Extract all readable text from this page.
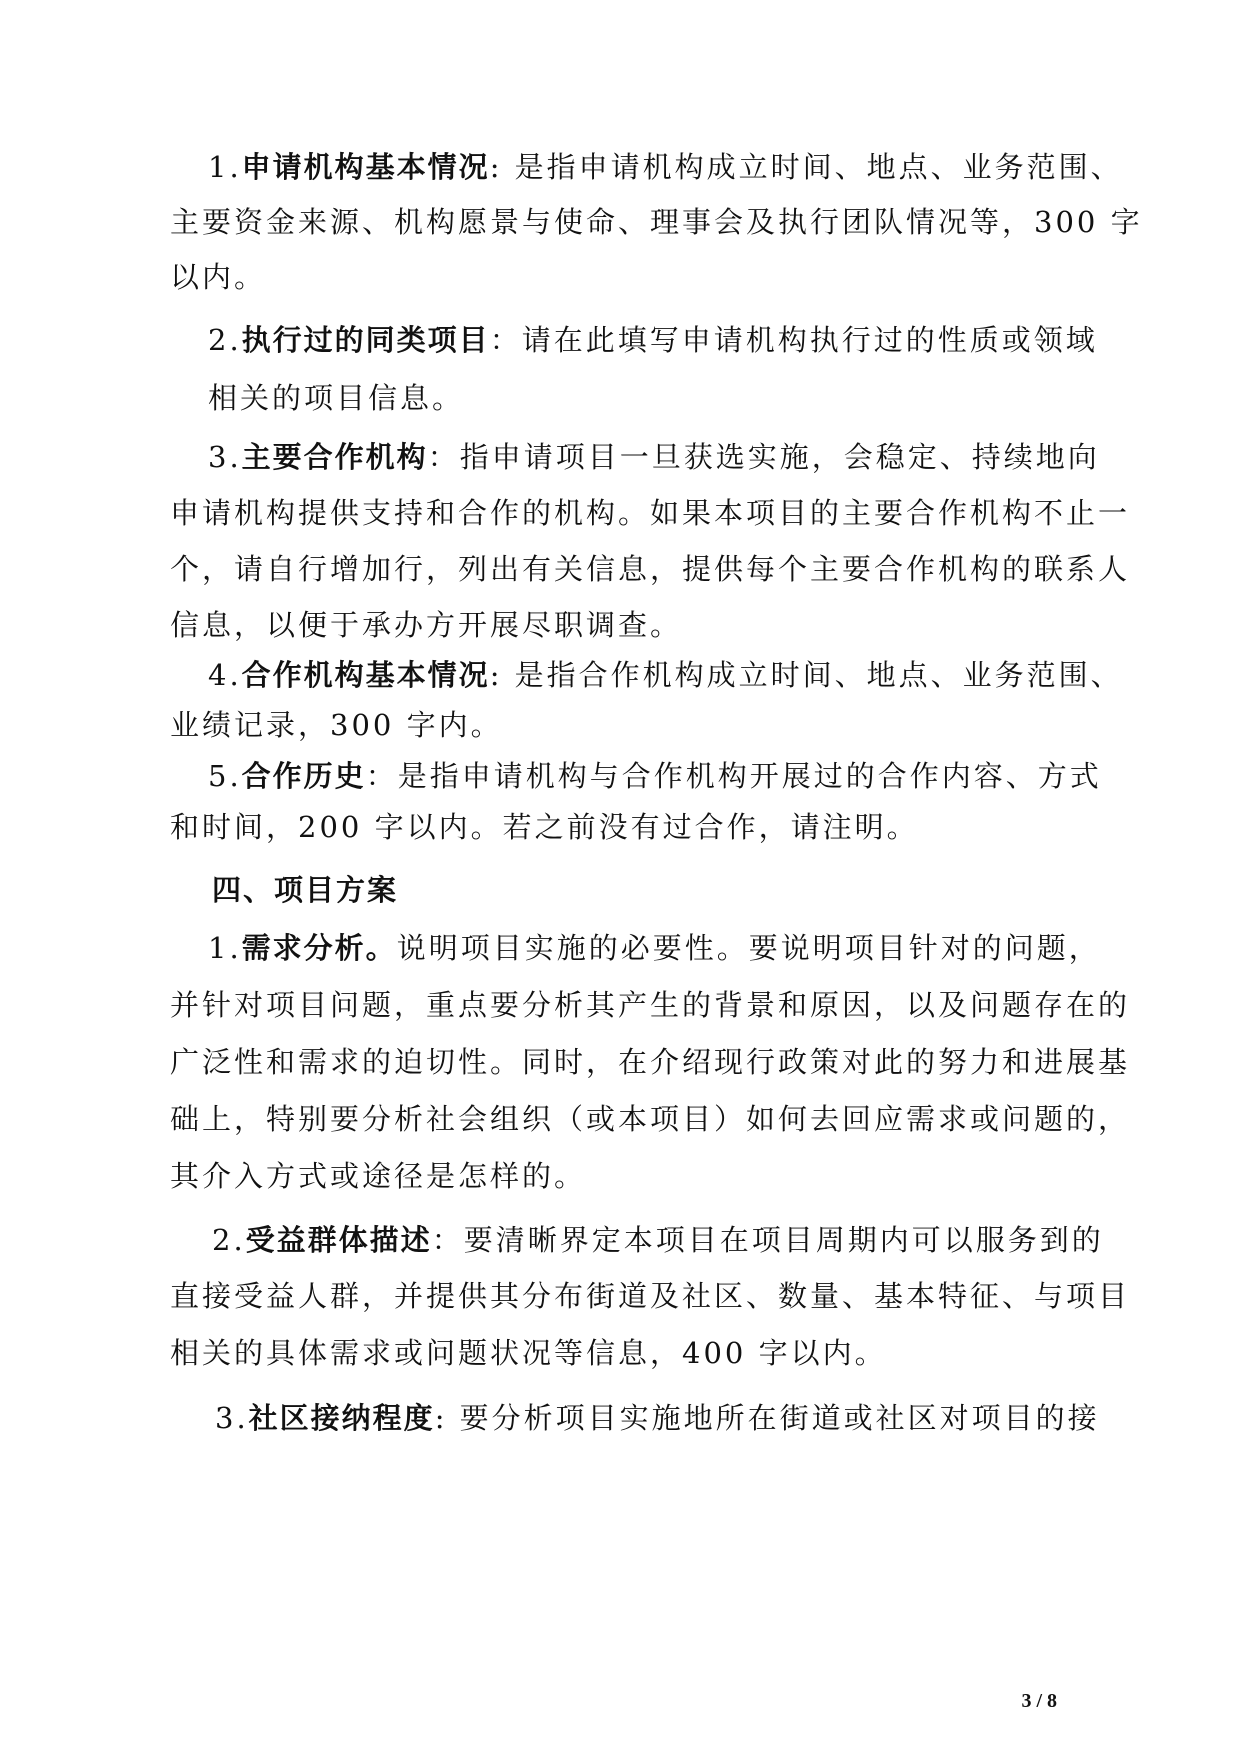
1.申请机构基本情况: 是指申请机构成立时间、地点、业务范围、
主要资金来源、机构愿景与使命、理事会及执行团队情况等，300 字
以内。
2.执行过的同类项目：请在此填写申请机构执行过的性质或领域
相关的项目信息。
3.主要合作机构：指申请项目一旦获选实施，会稳定、持续地向
申请机构提供支持和合作的机构。如果本项目的主要合作机构不止一
个，请自行增加行，列出有关信息，提供每个主要合作机构的联系人
信息，以便于承办方开展尽职调查。
4.合作机构基本情况: 是指合作机构成立时间、地点、业务范围、
业绩记录，300 字内。
5.合作历史：是指申请机构与合作机构开展过的合作内容、方式
和时间，200 字以内。若之前没有过合作，请注明。
四、项目方案
1.需求分析。说明项目实施的必要性。要说明项目针对的问题，
并针对项目问题，重点要分析其产生的背景和原因，以及问题存在的
广泛性和需求的迫切性。同时，在介绍现行政策对此的努力和进展基
础上，特别要分析社会组织（或本项目）如何去回应需求或问题的，
其介入方式或途径是怎样的。
2.受益群体描述：要清晰界定本项目在项目周期内可以服务到的
直接受益人群，并提供其分布街道及社区、数量、基本特征、与项目
相关的具体需求或问题状况等信息，400 字以内。
3.社区接纳程度: 要分析项目实施地所在街道或社区对项目的接
3 / 8
